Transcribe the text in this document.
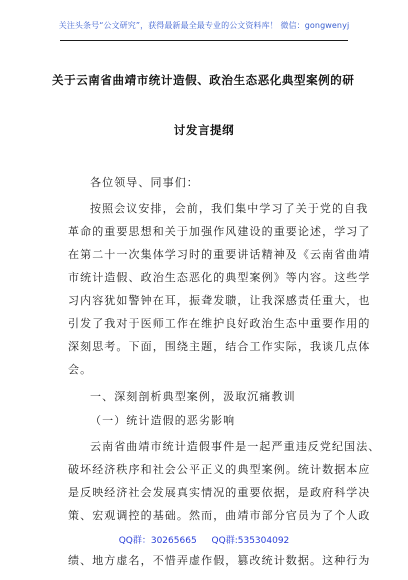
关注头条号“公文研究”，获得最新最全最专业的公文资料库！ 微信：gongwenyj
关于云南省曲靖市统计造假、政治生态恶化典型案例的研
讨发言提纲
各位领导、同事们：
按照会议安排，会前，我们集中学习了关于党的自我
革命的重要思想和关于加强作风建设的重要论述，学习了
在第二十一次集体学习时的重要讲话精神及《云南省曲靖
市统计造假、政治生态恶化的典型案例》等内容。这些学
习内容犹如警钟在耳，振聋发聩，让我深感责任重大，也
引发了我对于医师工作在维护良好政治生态中重要作用的
深刻思考。下面，围绕主题，结合工作实际，我谈几点体
会。
一、深刻剖析典型案例，汲取沉痛教训
（一）统计造假的恶劣影响
云南省曲靖市统计造假事件是一起严重违反党纪国法、
破坏经济秩序和社会公平正义的典型案例。统计数据本应
是反映经济社会发展真实情况的重要依据，是政府科学决
策、宏观调控的基础。然而，曲靖市部分官员为了个人政
绩、地方虚名，不惜弄虚作假，篡改统计数据。这种行为
QQ群：30265665 QQ群:535304092
